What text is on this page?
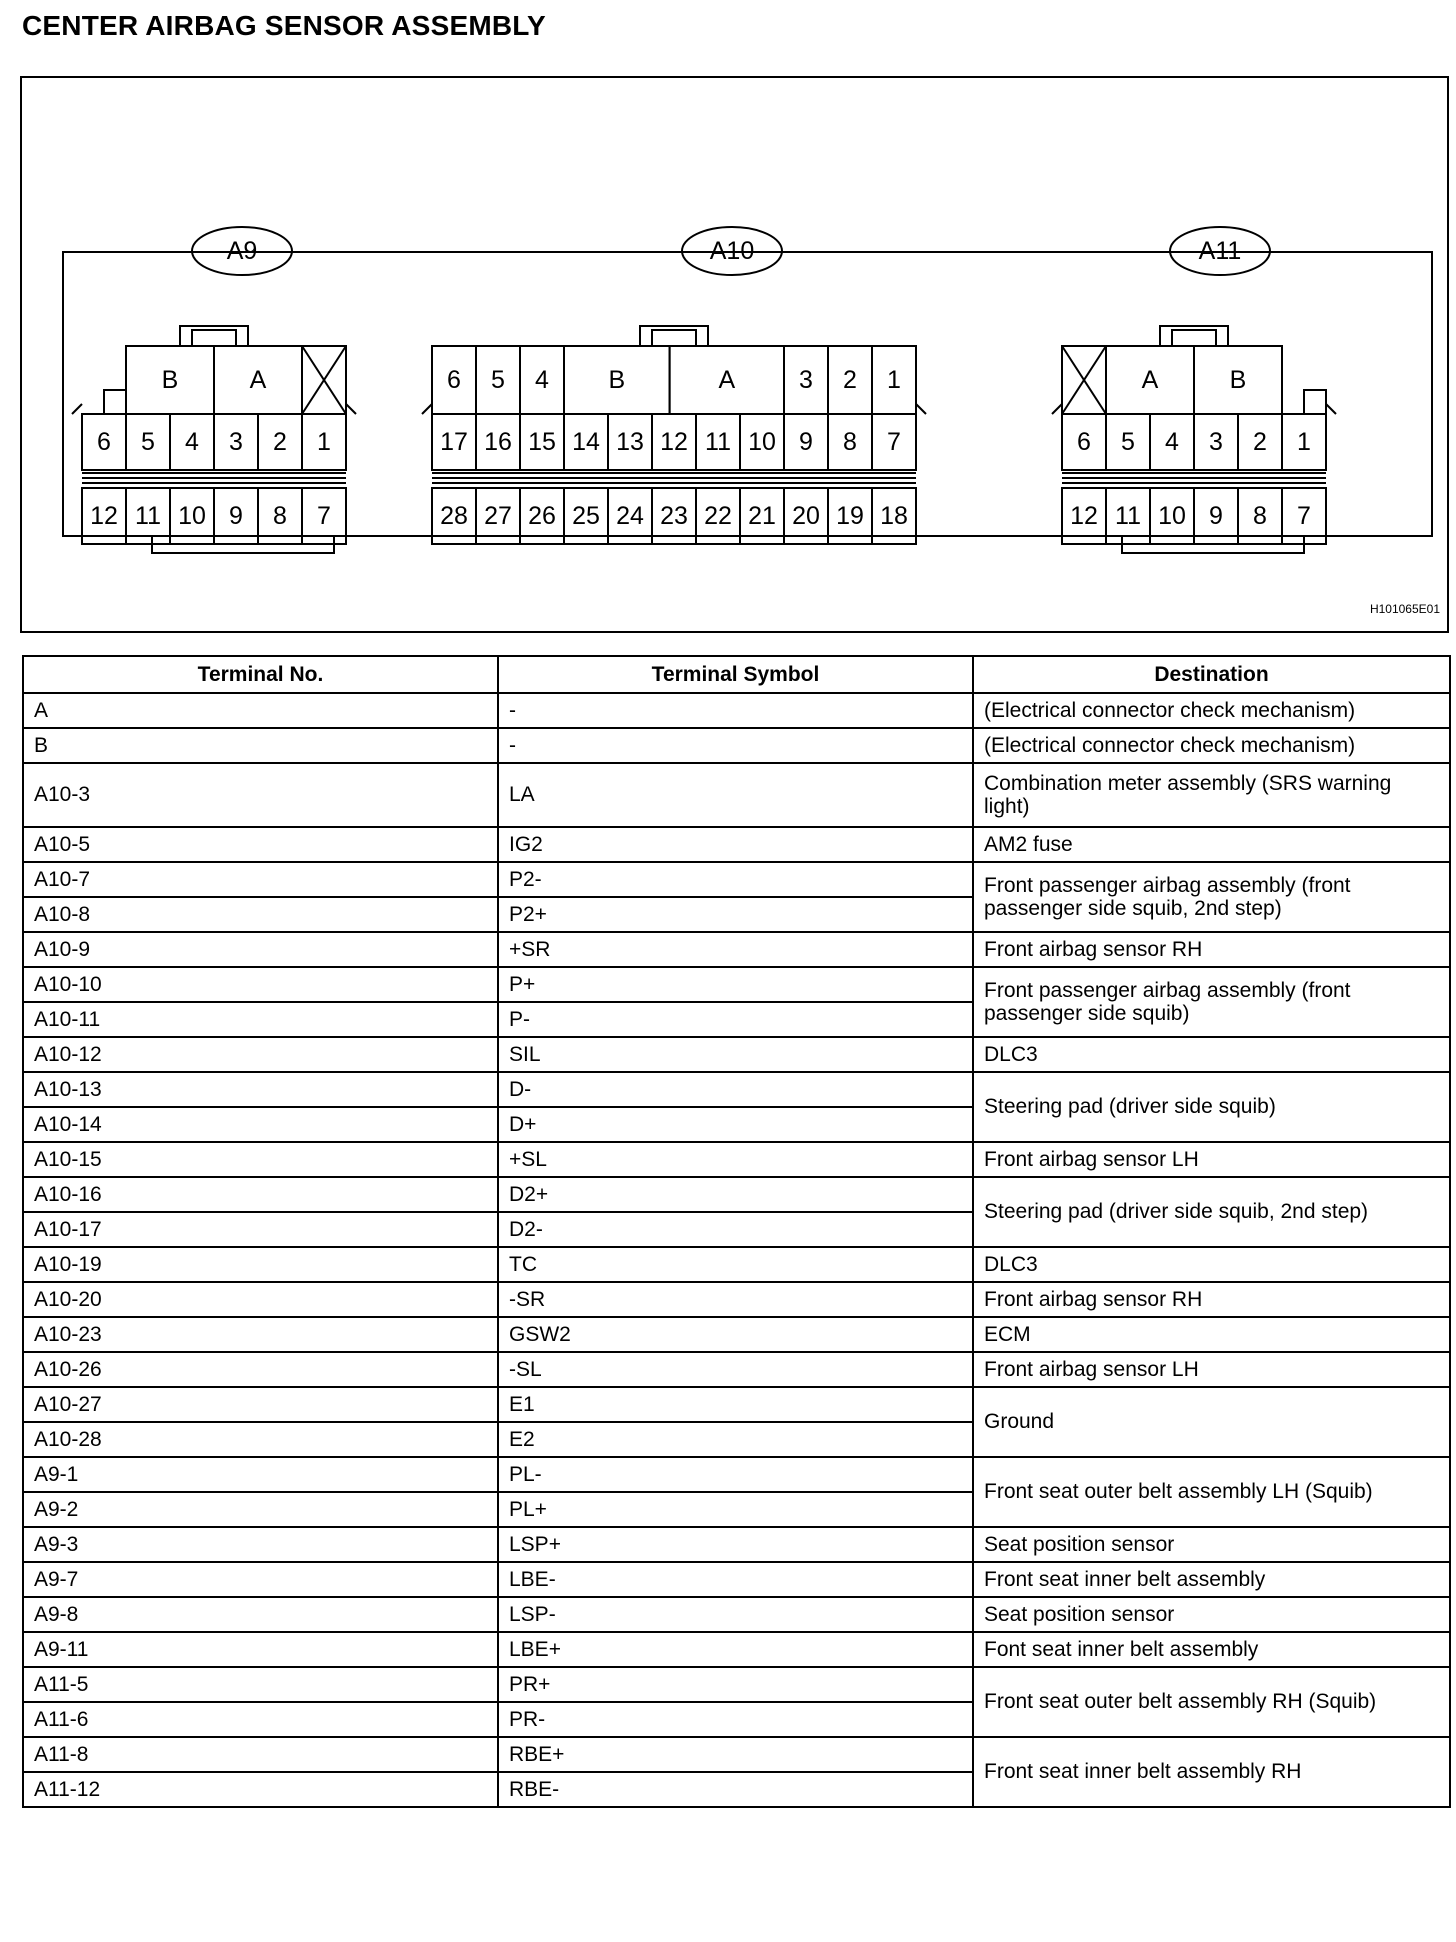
CENTER AIRBAG SENSOR ASSEMBLY
A9
B	A
6 5 4 3 2 1
12 11 10 9 8 7
A10
6 5 4 B	A	3 2 1
17 16 15 14 13 12 11 10 9 8 7
28 27 26 25 24 23 22 21 20 19 18
A11
A	B
6 5 4 3 2 1
12 11 10 9 8 7
H101065E01
Terminal No.	Terminal Symbol	Destination
A	-	(Electrical connector check mechanism)
B	-	(Electrical connector check mechanism)
A10-3	LA	Combination meter assembly (SRS warning light)
A10-5	IG2	AM2 fuse
A10-7	P2-	Front passenger airbag assembly (front passenger side squib, 2nd step)
A10-8	P2+	
A10-9	+SR	Front airbag sensor RH
A10-10	P+	Front passenger airbag assembly (front passenger side squib)
A10-11	P-	
A10-12	SIL	DLC3
A10-13	D-	Steering pad (driver side squib)
A10-14	D+	
A10-15	+SL	Front airbag sensor LH
A10-16	D2+	Steering pad (driver side squib, 2nd step)
A10-17	D2-	
A10-19	TC	DLC3
A10-20	-SR	Front airbag sensor RH
A10-23	GSW2	ECM
A10-26	-SL	Front airbag sensor LH
A10-27	E1	Ground
A10-28	E2	
A9-1	PL-	Front seat outer belt assembly LH (Squib)
A9-2	PL+	
A9-3	LSP+	Seat position sensor
A9-7	LBE-	Front seat inner belt assembly
A9-8	LSP-	Seat position sensor
A9-11	LBE+	Font seat inner belt assembly
A11-5	PR+	Front seat outer belt assembly RH (Squib)
A11-6	PR-	
A11-8	RBE+	Front seat inner belt assembly RH
A11-12	RBE-	
